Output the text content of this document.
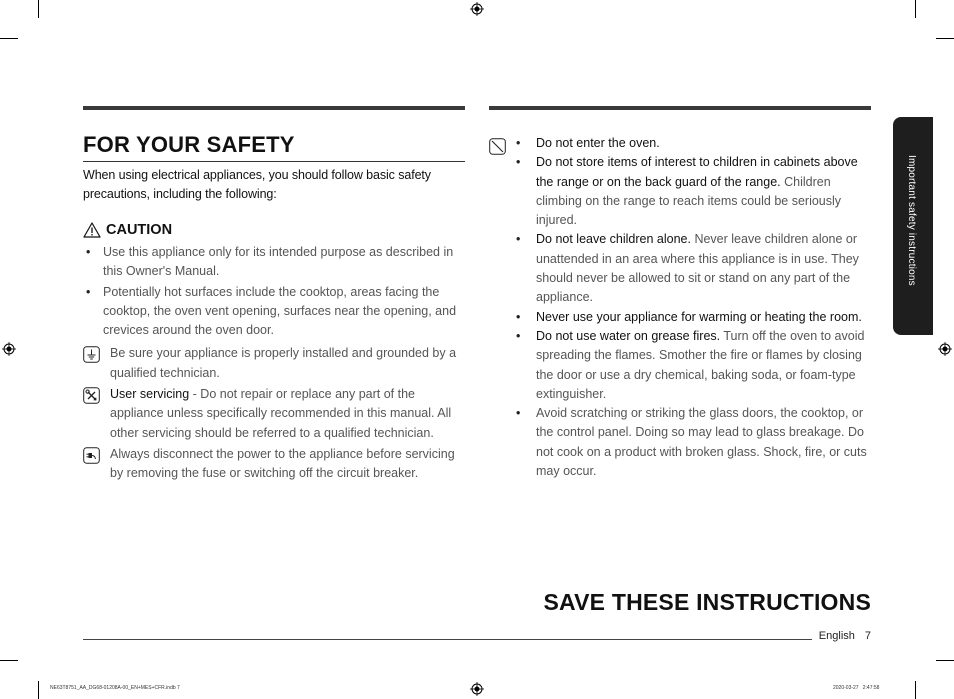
FOR YOUR SAFETY
When using electrical appliances, you should follow basic safety precautions, including the following:
CAUTION
• Use this appliance only for its intended purpose as described in this Owner's Manual.
• Potentially hot surfaces include the cooktop, areas facing the cooktop, the oven vent opening, surfaces near the opening, and crevices around the oven door.
Be sure your appliance is properly installed and grounded by a qualified technician.
User servicing - Do not repair or replace any part of the appliance unless specifically recommended in this manual. All other servicing should be referred to a qualified technician.
Always disconnect the power to the appliance before servicing by removing the fuse or switching off the circuit breaker.
• Do not enter the oven.
• Do not store items of interest to children in cabinets above the range or on the back guard of the range. Children climbing on the range to reach items could be seriously injured.
• Do not leave children alone. Never leave children alone or unattended in an area where this appliance is in use. They should never be allowed to sit or stand on any part of the appliance.
• Never use your appliance for warming or heating the room.
• Do not use water on grease fires. Turn off the oven to avoid spreading the flames. Smother the fire or flames by closing the door or use a dry chemical, baking soda, or foam-type extinguisher.
• Avoid scratching or striking the glass doors, the cooktop, or the control panel. Doing so may lead to glass breakage. Do not cook on a product with broken glass. Shock, fire, or cuts may occur.
Important safety instructions
SAVE THESE INSTRUCTIONS
English 7
NE63T8751_AA_DG68-01208A-00_EN+MES+CFR.indb 7	2020-03-27   2:47:58
